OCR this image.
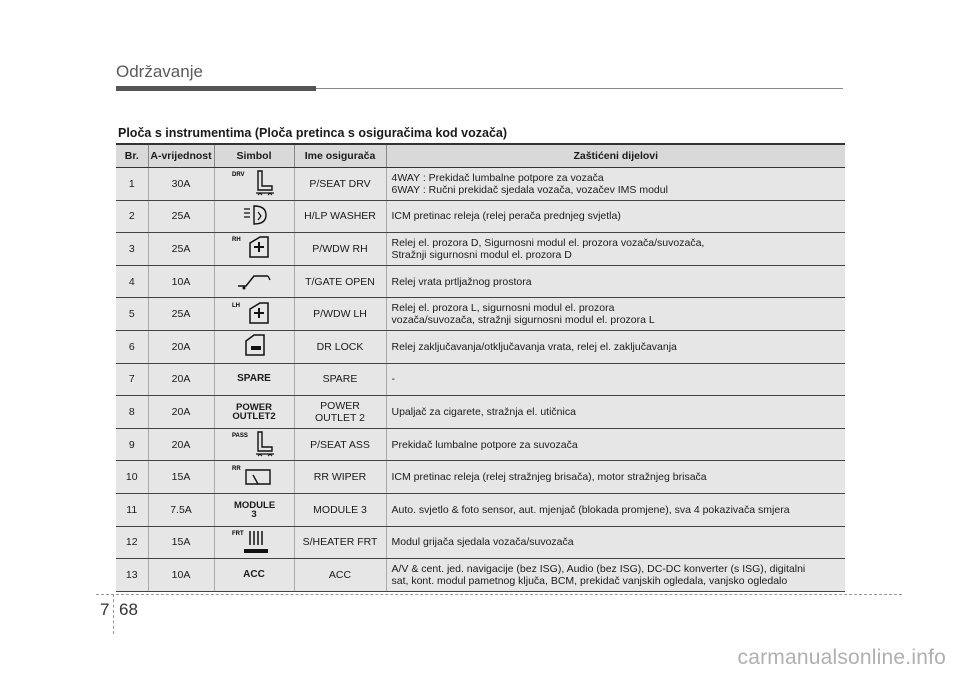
Održavanje
Ploča s instrumentima (Ploča pretinca s osiguračima kod vozača)
Br.	A-vrijednost	Simbol	Ime osigurača	Zaštićeni dijelovi
1	30A	DRV	P/SEAT DRV	4WAY : Prekidač lumbalne potpore za vozača
6WAY : Ručni prekidač sjedala vozača, vozačev IMS modul

2	25A		H/LP WASHER	ICM pretinac releja (relej perača prednjeg svjetla)
3	25A	RH	P/WDW RH	Relej el. prozora D, Sigurnosni modul el. prozora vozača/suvozača,
Stražnji sigurnosni modul el. prozora D

4	10A		T/GATE OPEN	Relej vrata prtljažnog prostora
5	25A	LH	P/WDW LH	Relej el. prozora L, sigurnosni modul el. prozora
vozača/suvozača, stražnji sigurnosni modul el. prozora L

6	20A		DR LOCK	Relej zaključavanja/otključavanja vrata, relej el. zaključavanja
7	20A	SPARE	SPARE	-
8	20A	POWER OUTLET2	POWER
OUTLET 2	Upaljač za cigarete, stražnja el. utičnica
9	20A	PASS	P/SEAT ASS	Prekidač lumbalne potpore za suvozača
10	15A	RR	RR WIPER	ICM pretinac releja (relej stražnjeg brisača), motor stražnjeg brisača
11	7.5A	MODULE 3	MODULE 3	Auto. svjetlo & foto sensor, aut. mjenjač (blokada promjene), sva 4 pokazivača smjera
12	15A	FRT	S/HEATER FRT	Modul grijača sjedala vozača/suvozača
13	10A	ACC	ACC	A/V & cent. jed. navigacije (bez ISG), Audio (bez ISG), DC-DC konverter (s ISG), digitalni
sat, kont. modul pametnog ključa, BCM, prekidač vanjskih ogledala, vanjsko ogledalo
7 68
carmanualsonline.info
